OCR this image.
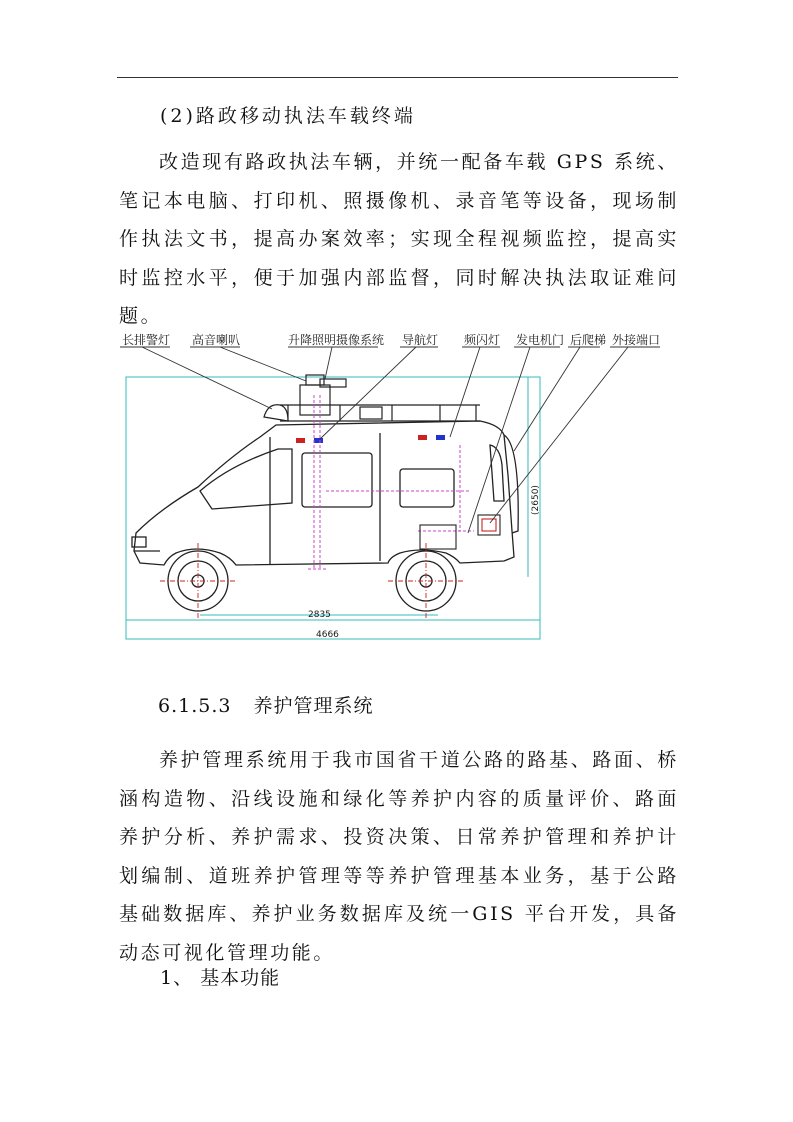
(2)路政移动执法车载终端

改造现有路政执法车辆，并统一配备车载 GPS 系统、笔记本电脑、打印机、照摄像机、录音笔等设备，现场制作执法文书，提高办案效率；实现全程视频监控，提高实时监控水平，便于加强内部监督，同时解决执法取证难问题。

长排警灯 高音喇叭	升降照明摄像系统 导航灯 频闪灯 发电机门 后爬梯 外接端口
2835
4666
(2650)
6.1.5.3 养护管理系统

养护管理系统用于我市国省干道公路的路基、路面、桥涵构造物、沿线设施和绿化等养护内容的质量评价、路面养护分析、养护需求、投资决策、日常养护管理和养护计划编制、道班养护管理等等养护管理基本业务，基于公路基础数据库、养护业务数据库及统一GIS 平台开发，具备动态可视化管理功能。

1、 基本功能
